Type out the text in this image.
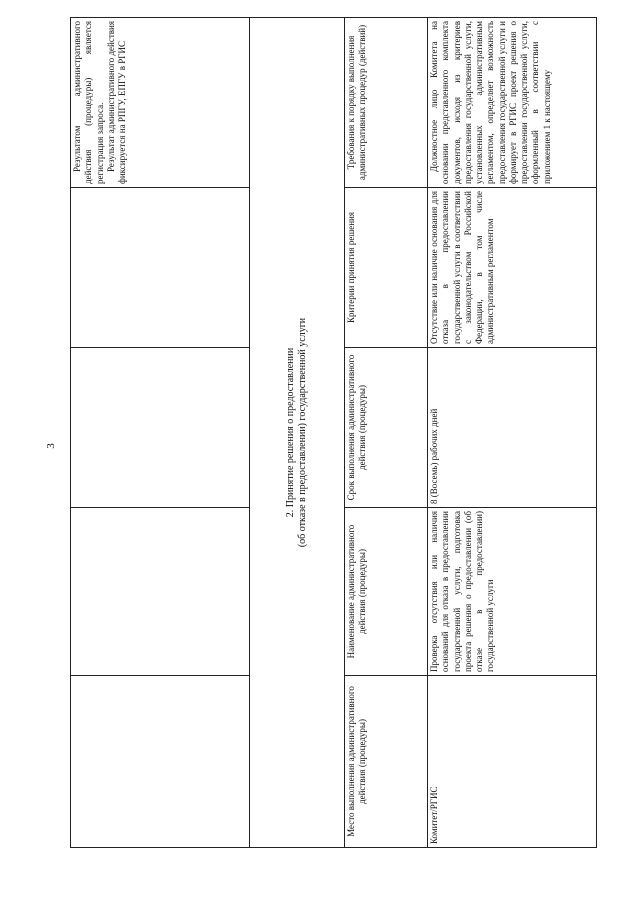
3

				Результатом административного действия (процедуры) является регистрация запроса. Результат административного действия фиксируется на РПГУ, ЕПГУ в РГИС

2. Принятие решения о предоставлении (об отказе в предоставлении) государственной услуги				

Место выполнения административного действия (процедуры)	Наименование административного действия (процедуры)	Срок выполнения административного действия (процедуры)	Критерии принятия решения	Требования к порядку выполнения административных процедур (действий)
Комитет/РГИС	Проверка отсутствия или наличия оснований для отказа в предоставлении государственной услуги, подготовка проекта решения о предоставлении (об отказе в предоставлении) государственной услуги	8 (Восемь) рабочих дней	Отсутствие или наличие основания для отказа в предоставлении государственной услуги в соответствии с законодательством Российской Федерации, в том числе административным регламентом	Должностное лицо Комитета на основании представленного комплекта документов, исходя из критериев предоставления государственной услуги, установленных административным регламентом, определяет возможность предоставления государственной услуги и формирует в РГИС проект решения о предоставлении государственной услуги, оформленный в соответствии с приложением 1 к настоящему
